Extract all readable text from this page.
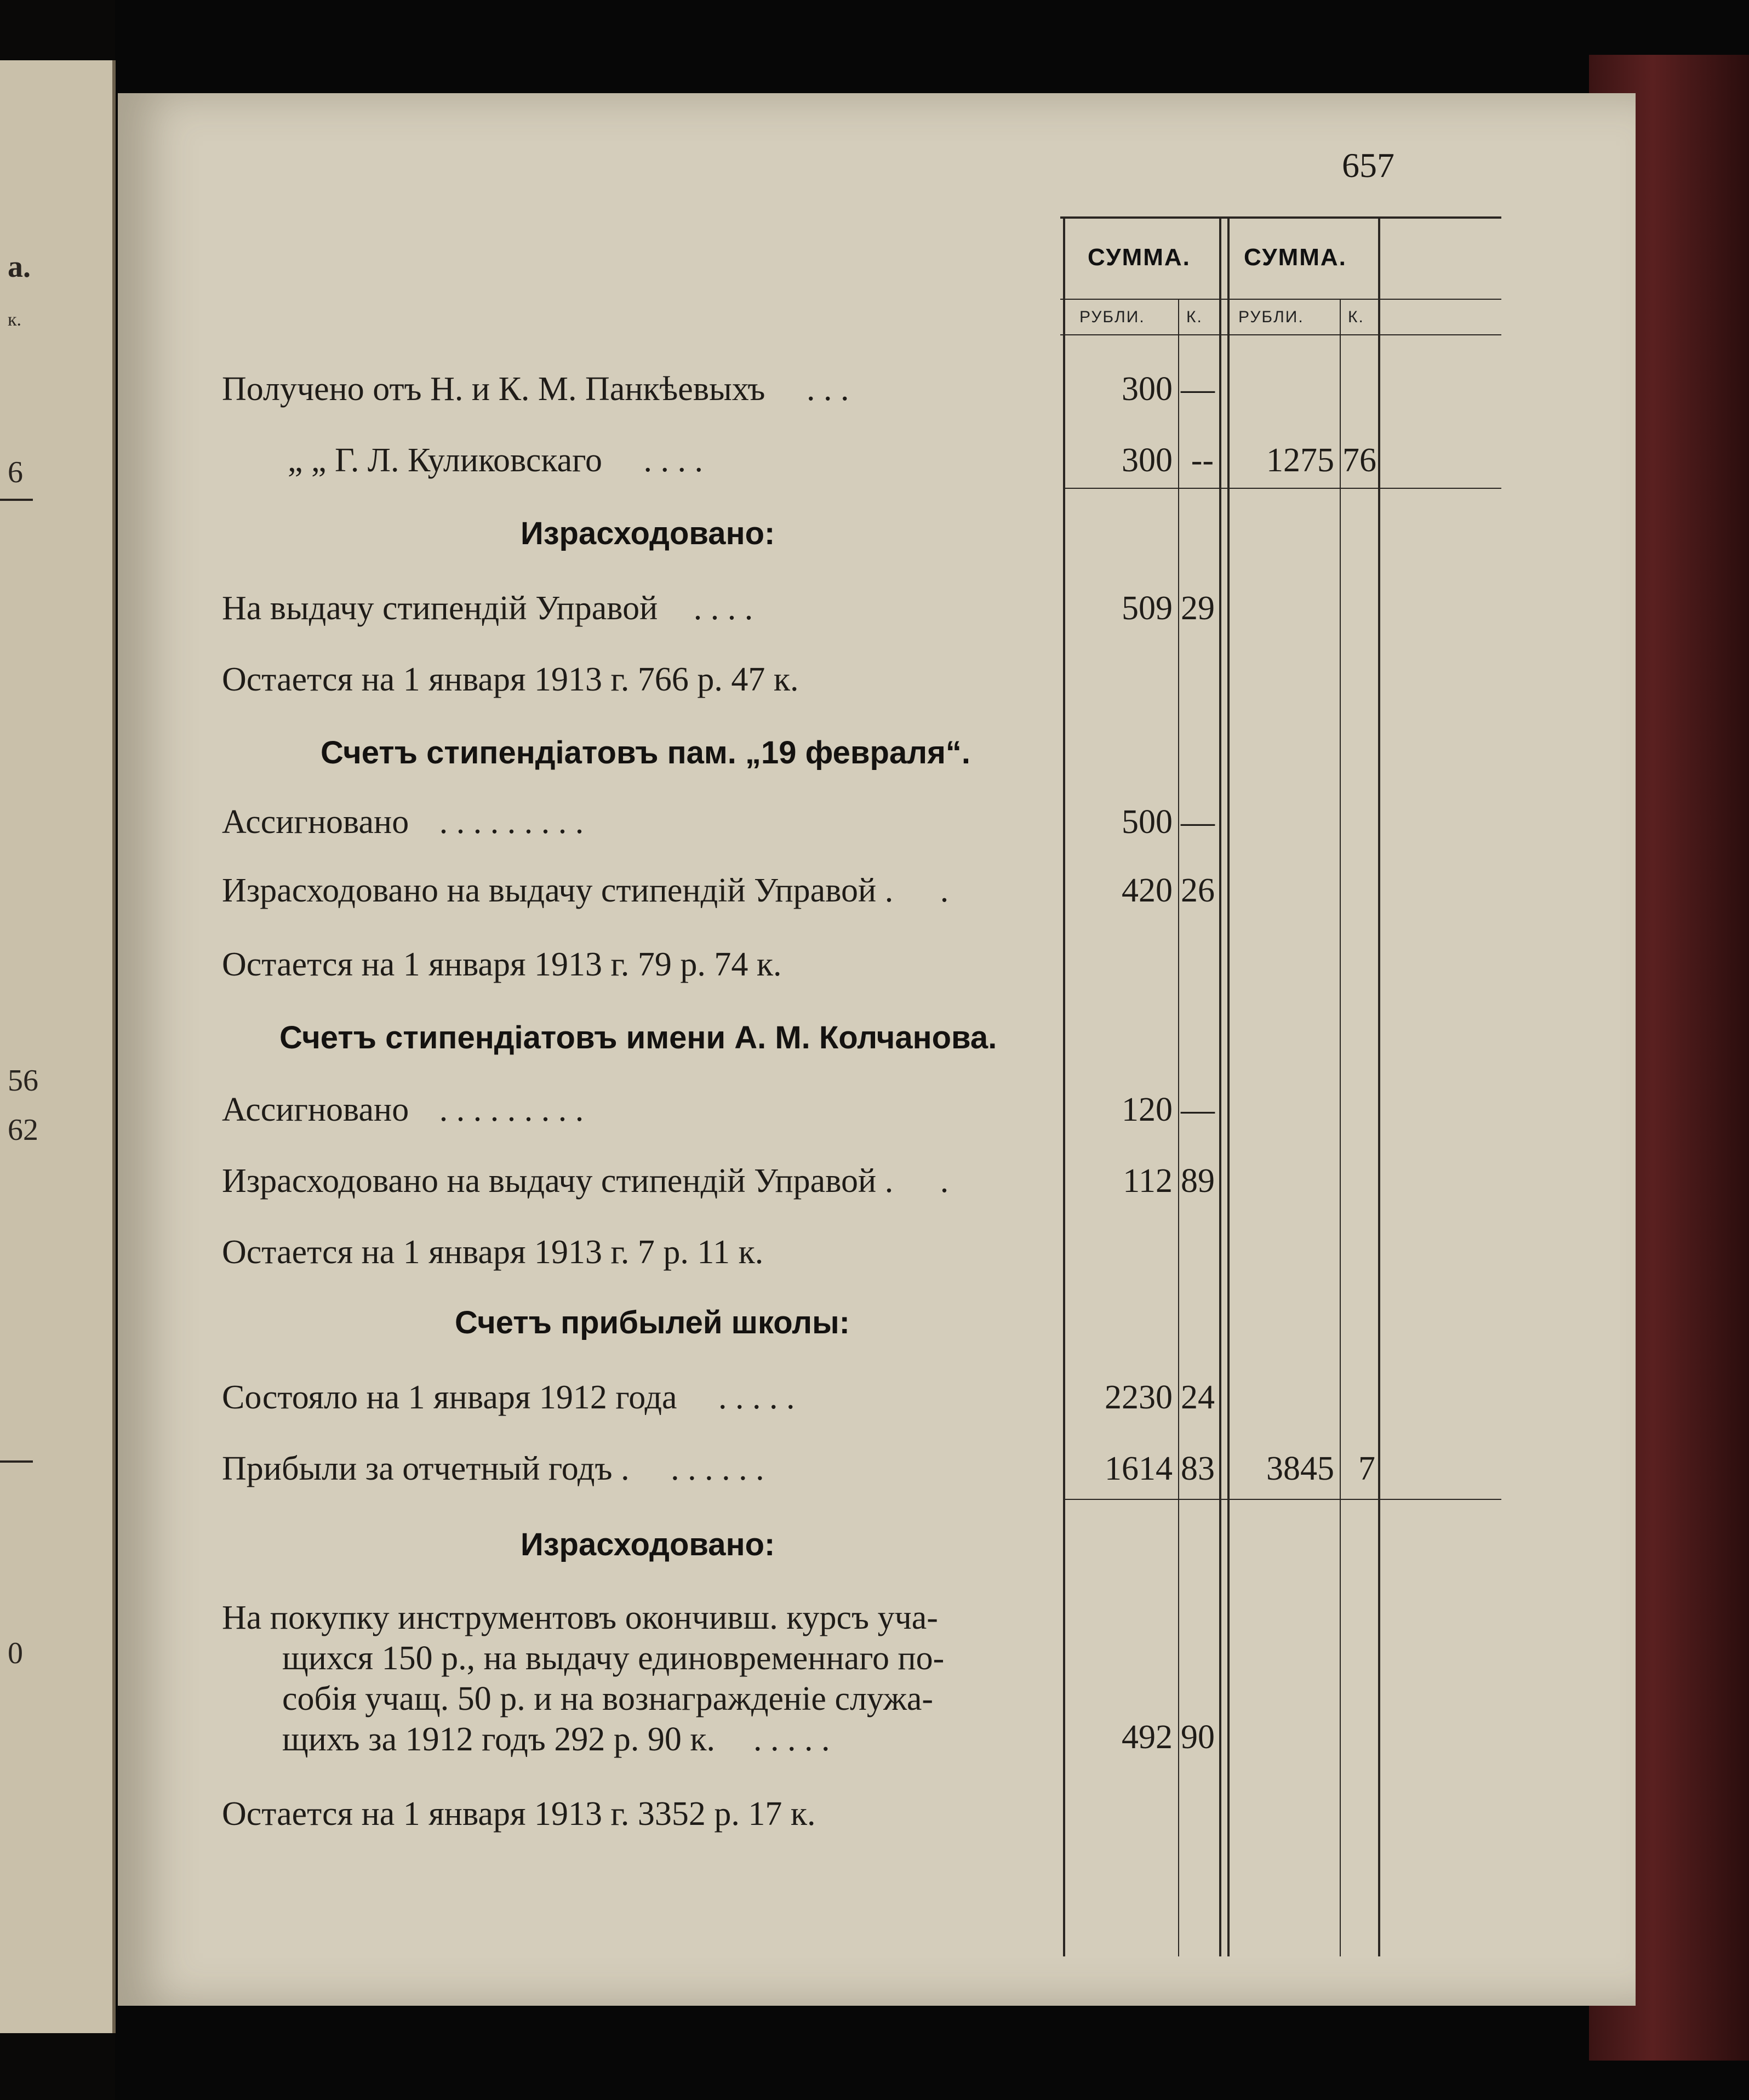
а.
к.
6
56
62
0
657
СУММА. СУММА.
РУБЛИ.	К. РУБЛИ.	К.
Получено отъ Н. и К. М. Панкѣевыхъ . . .	300 —
„ „ Г. Л. Куликовскаго . . . .	300 --	1275 76
Израсходовано:
На выдачу стипендій Управой . . . .	509 29
Остается на 1 января 1913 г. 766 р. 47 к.
Счетъ стипендіатовъ пам. „19 февраля“.
Ассигновано . . . . . . . . .	500 —
Израсходовано на выдачу стипендій Управой . .	420 26
Остается на 1 января 1913 г. 79 р. 74 к.
Счетъ стипендіатовъ имени А. М. Колчанова.
Ассигновано . . . . . . . . .	120 —
Израсходовано на выдачу стипендій Управой . .	112 89
Остается на 1 января 1913 г. 7 р. 11 к.
Счетъ прибылей школы:
Состояло на 1 января 1912 года . . . . .	2230 24
Прибыли за отчетный годъ . . . . . . .	1614 83	3845 7
Израсходовано:
На покупку инструментовъ окончивш. курсъ уча-
щихся 150 р., на выдачу единовременнаго по-
собія учащ. 50 р. и на вознагражденіе служа-
щихъ за 1912 годъ 292 р. 90 к. . . . . .	492 90
Остается на 1 января 1913 г. 3352 р. 17 к.
